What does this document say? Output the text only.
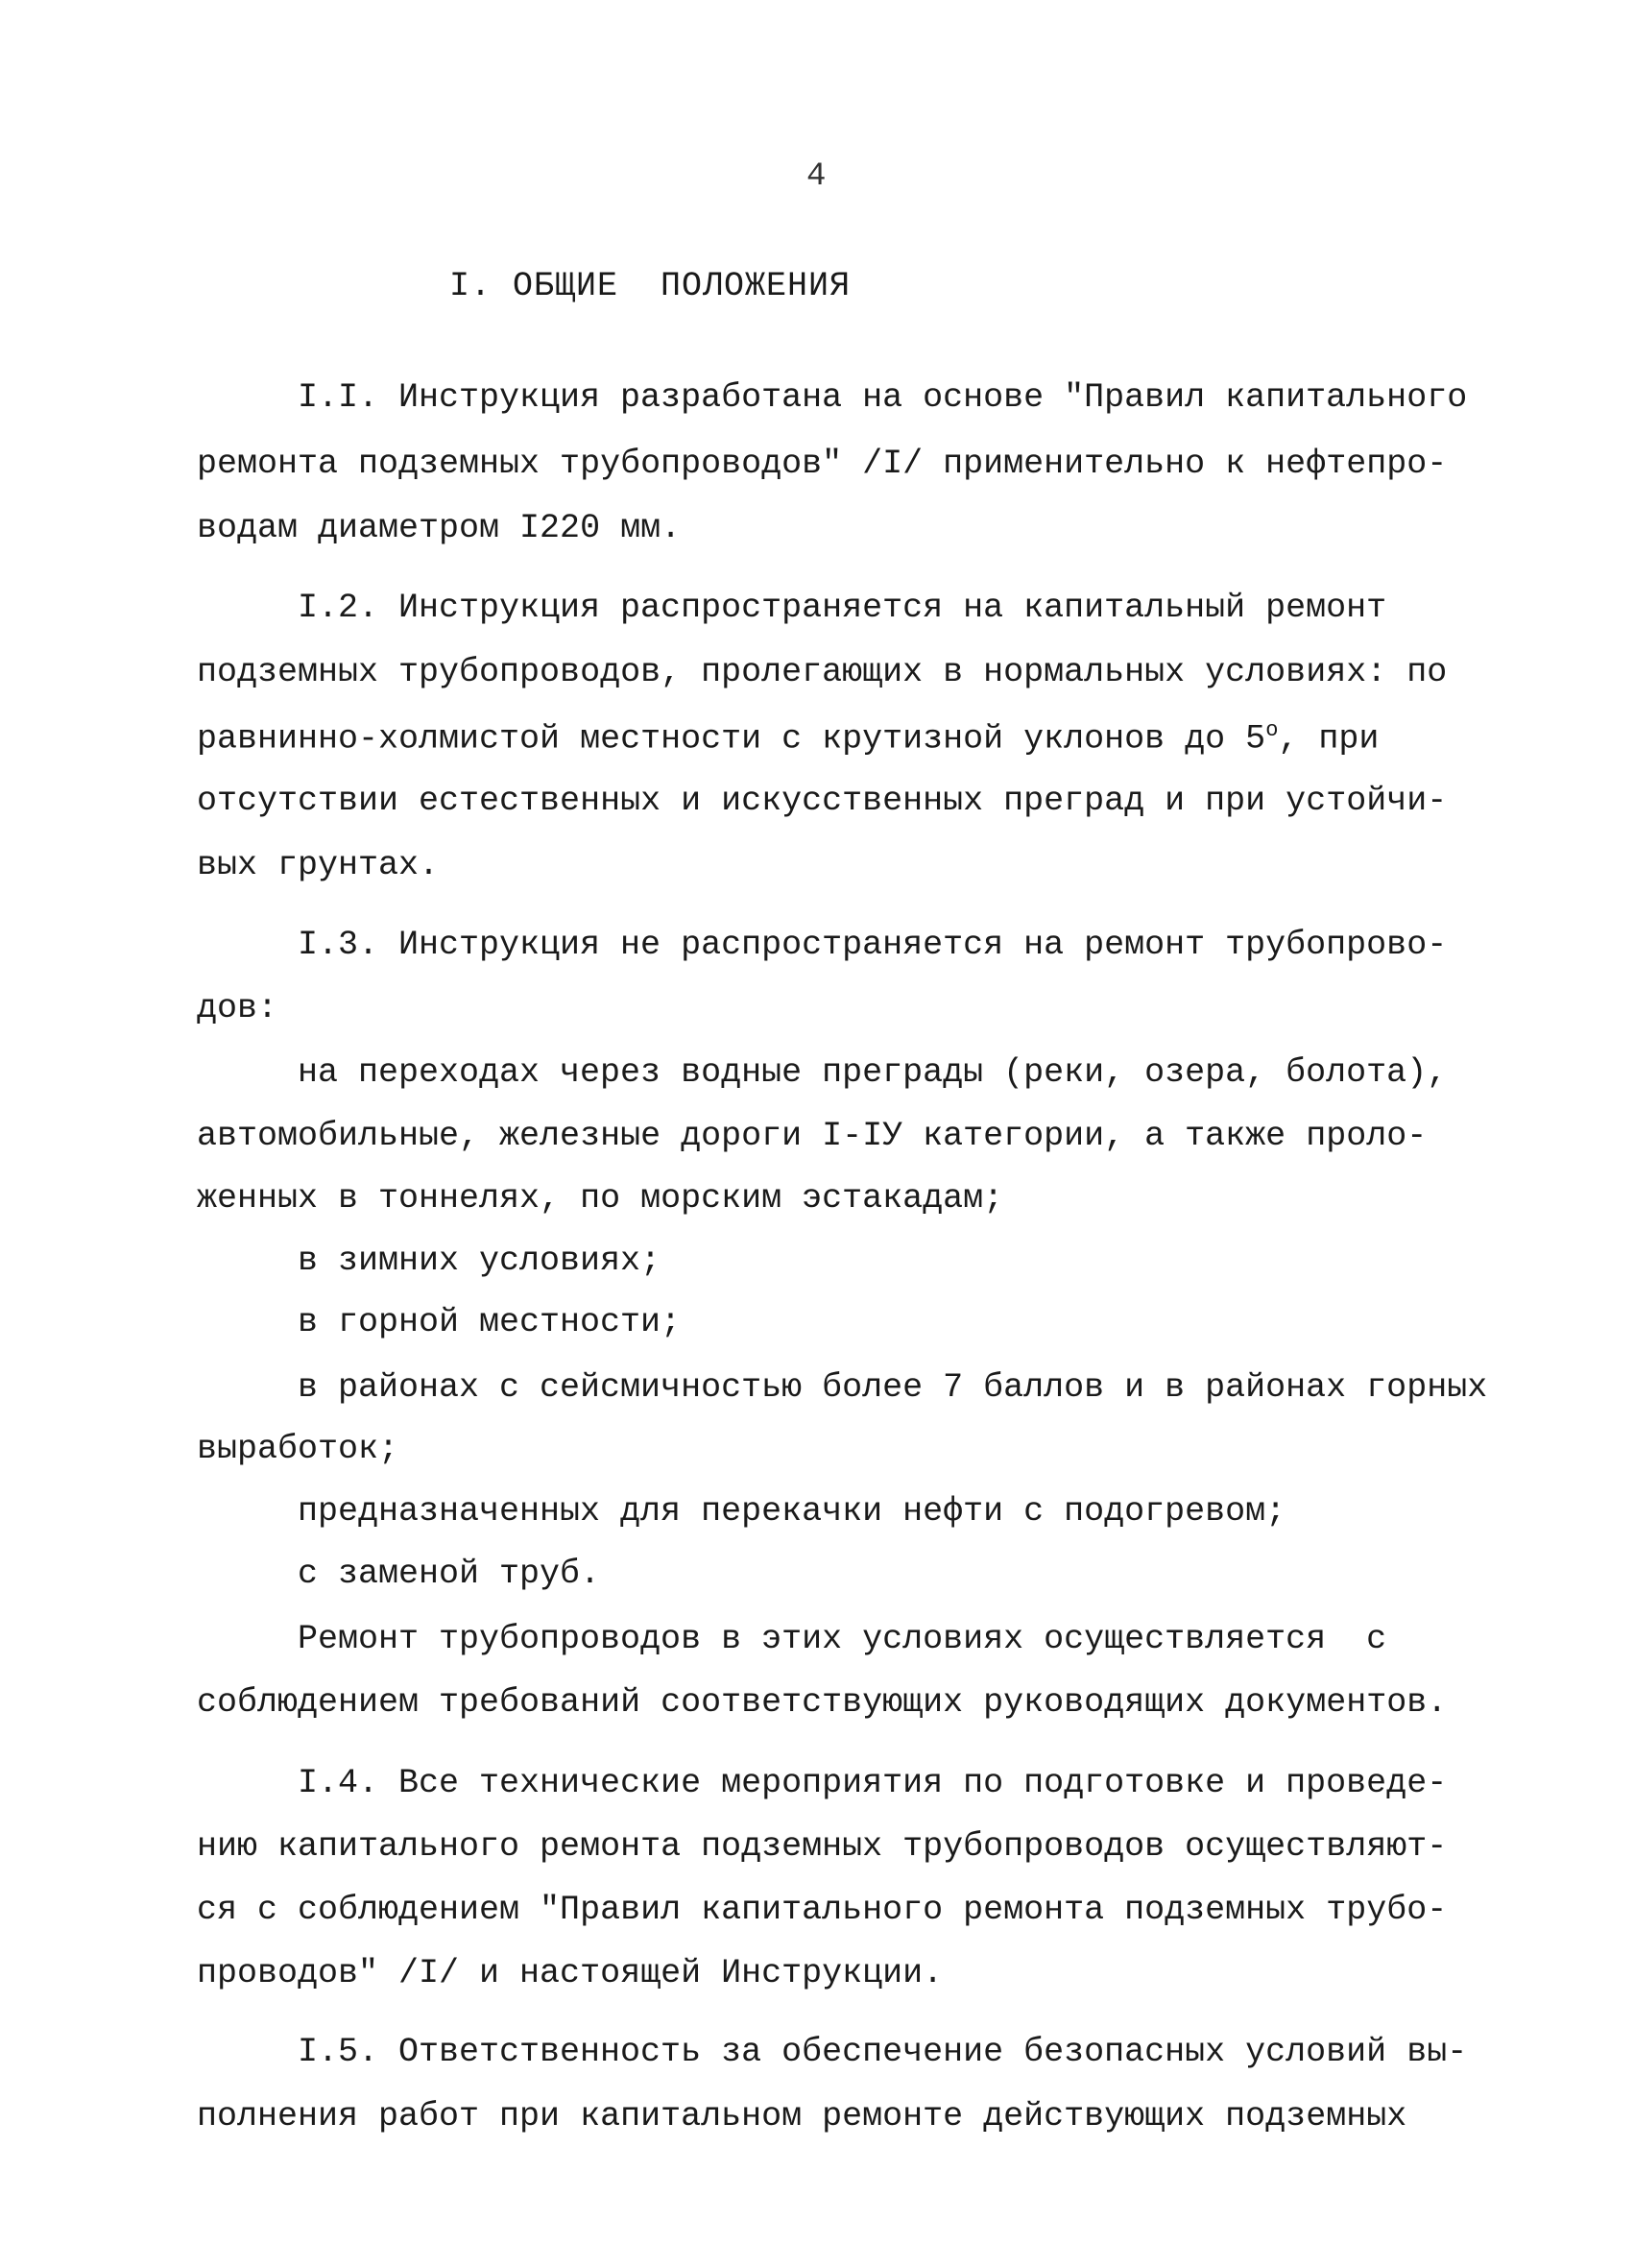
4
I. ОБЩИЕ  ПОЛОЖЕНИЯ
I.I. Инструкция разработана на основе "Правил капитального
ремонта подземных трубопроводов" /I/ применительно к нефтепро-
водам диаметром I220 мм.
I.2. Инструкция распространяется на капитальный ремонт
подземных трубопроводов, пролегающих в нормальных условиях: по
равнинно-холмистой местности с крутизной уклонов до $5^о$, при
отсутствии естественных и искусственных преград и при устойчи-
вых грунтах.
I.3. Инструкция не распространяется на ремонт трубопрово-
дов:
на переходах через водные преграды (реки, озера, болота),
автомобильные, железные дороги I-IУ категории, а также проло-
женных в тоннелях, по морским эстакадам;
в зимних условиях;
в горной местности;
в районах с сейсмичностью более 7 баллов и в районах горных
выработок;
предназначенных для перекачки нефти с подогревом;
с заменой труб.
Ремонт трубопроводов в этих условиях осуществляется  с
соблюдением требований соответствующих руководящих документов.
I.4. Все технические мероприятия по подготовке и проведе-
нию капитального ремонта подземных трубопроводов осуществляют-
ся с соблюдением "Правил капитального ремонта подземных трубо-
проводов" /I/ и настоящей Инструкции.
I.5. Ответственность за обеспечение безопасных условий вы-
полнения работ при капитальном ремонте действующих подземных
